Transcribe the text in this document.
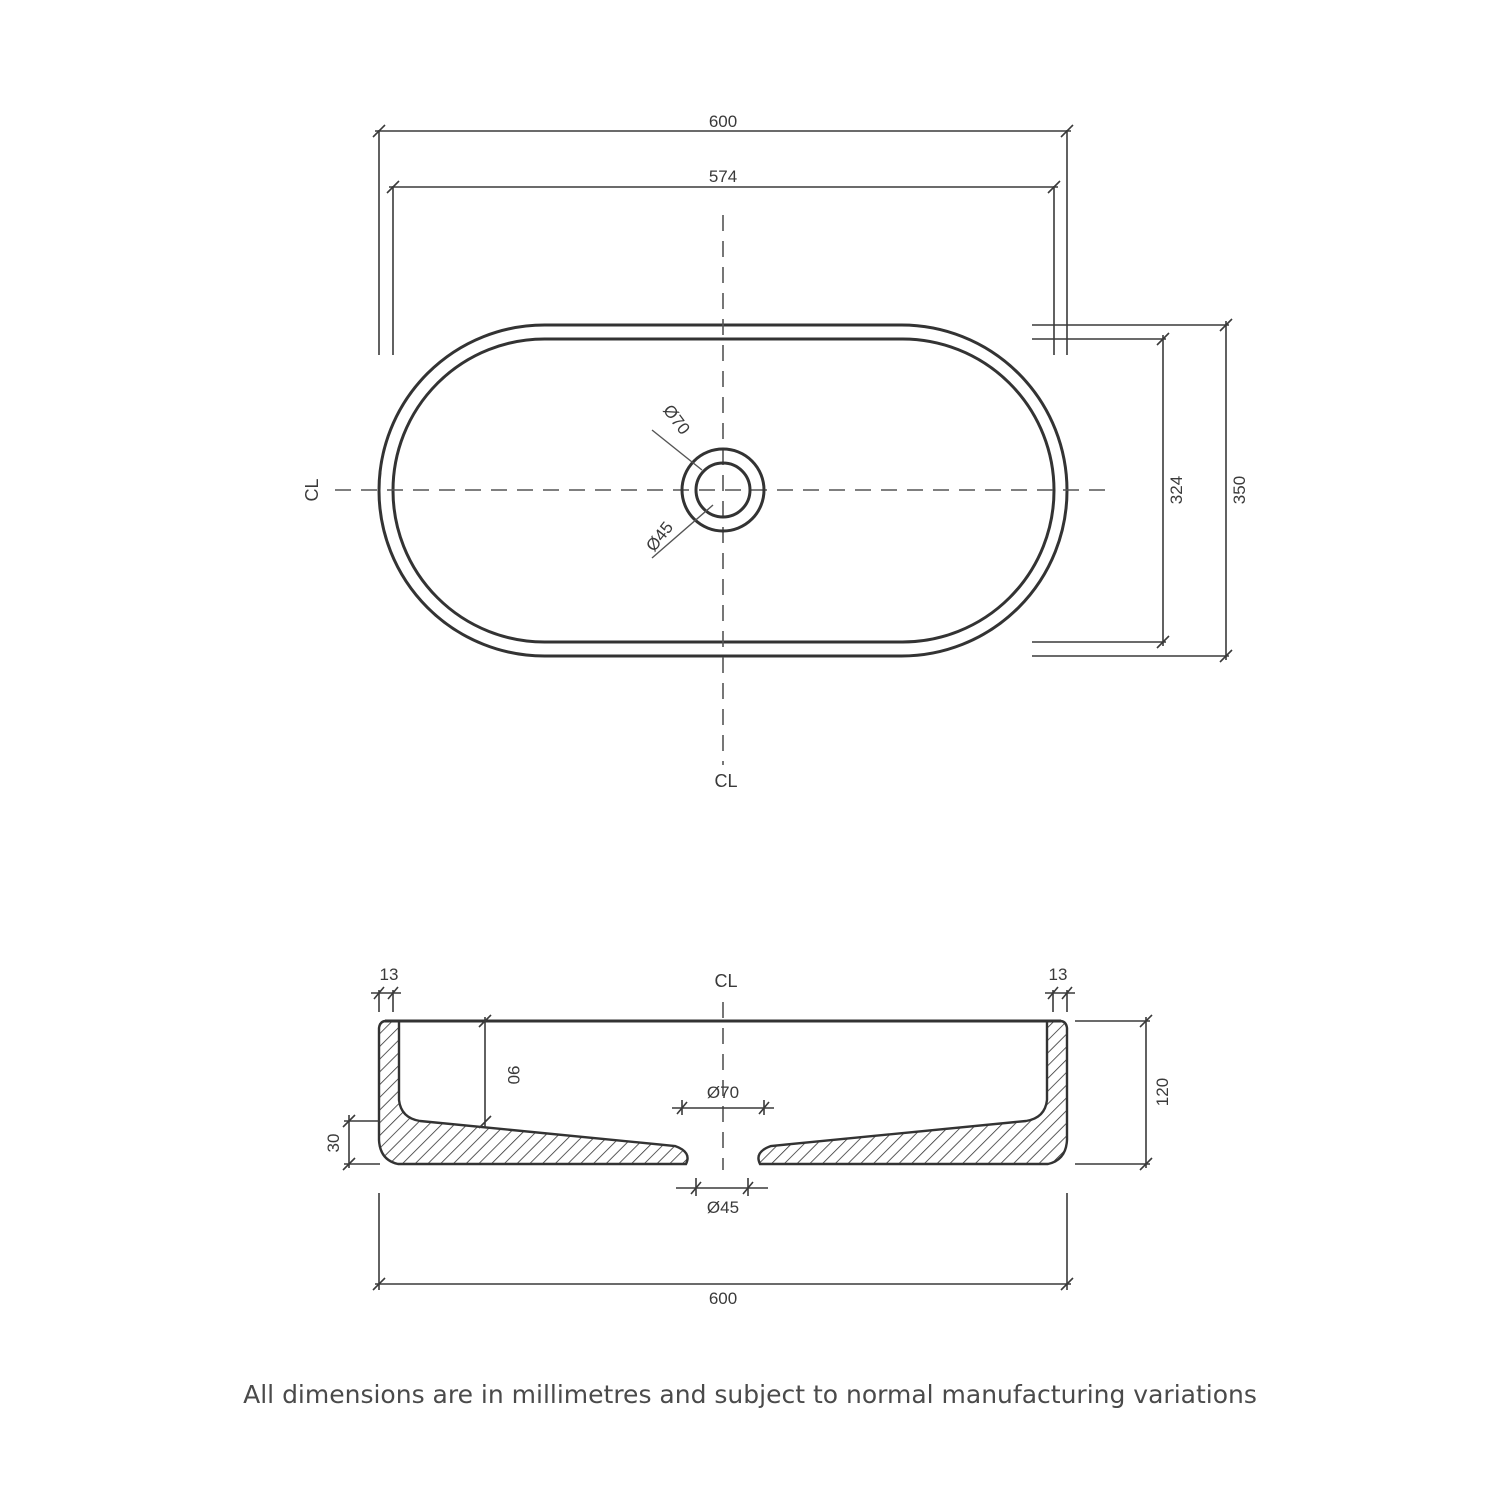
Ø70
Ø45
600
574
324	350
CL
CL
CL
13	13
90
30
120
Ø70
Ø45
600
All dimensions are in millimetres and subject to normal manufacturing variations
